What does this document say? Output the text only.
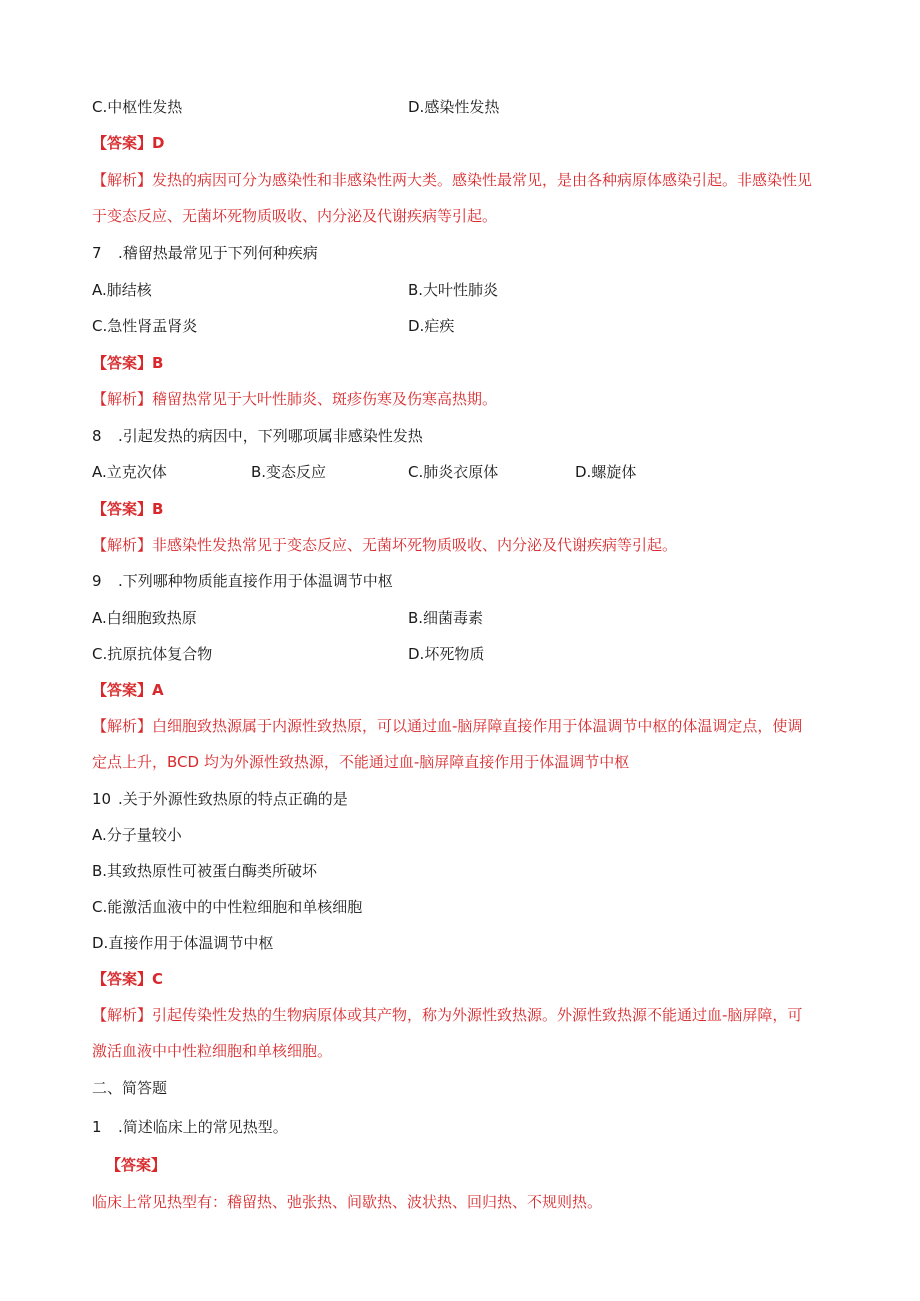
C.中枢性发热	D.感染性发热
【答案】D
【解析】发热的病因可分为感染性和非感染性两大类。感染性最常见，是由各种病原体感染引起。非感染性见
于变态反应、无菌坏死物质吸收、内分泌及代谢疾病等引起。
7 .稽留热最常见于下列何种疾病
A.肺结核	B.大叶性肺炎
C.急性肾盂肾炎	D.疟疾
【答案】B
【解析】稽留热常见于大叶性肺炎、斑疹伤寒及伤寒高热期。
8 .引起发热的病因中，下列哪项属非感染性发热
A.立克次体	B.变态反应	C.肺炎衣原体	D.螺旋体
【答案】B
【解析】非感染性发热常见于变态反应、无菌坏死物质吸收、内分泌及代谢疾病等引起。
9 .下列哪种物质能直接作用于体温调节中枢
A.白细胞致热原	B.细菌毒素
C.抗原抗体复合物	D.坏死物质
【答案】A
【解析】白细胞致热源属于内源性致热原，可以通过血-脑屏障直接作用于体温调节中枢的体温调定点，使调
定点上升，BCD 均为外源性致热源，不能通过血-脑屏障直接作用于体温调节中枢
10 .关于外源性致热原的特点正确的是
A.分子量较小
B.其致热原性可被蛋白酶类所破坏
C.能激活血液中的中性粒细胞和单核细胞
D.直接作用于体温调节中枢
【答案】C
【解析】引起传染性发热的生物病原体或其产物，称为外源性致热源。外源性致热源不能通过血-脑屏障，可
激活血液中中性粒细胞和单核细胞。
二、简答题
1 .简述临床上的常见热型。
【答案】
临床上常见热型有：稽留热、弛张热、间歇热、波状热、回归热、不规则热。
